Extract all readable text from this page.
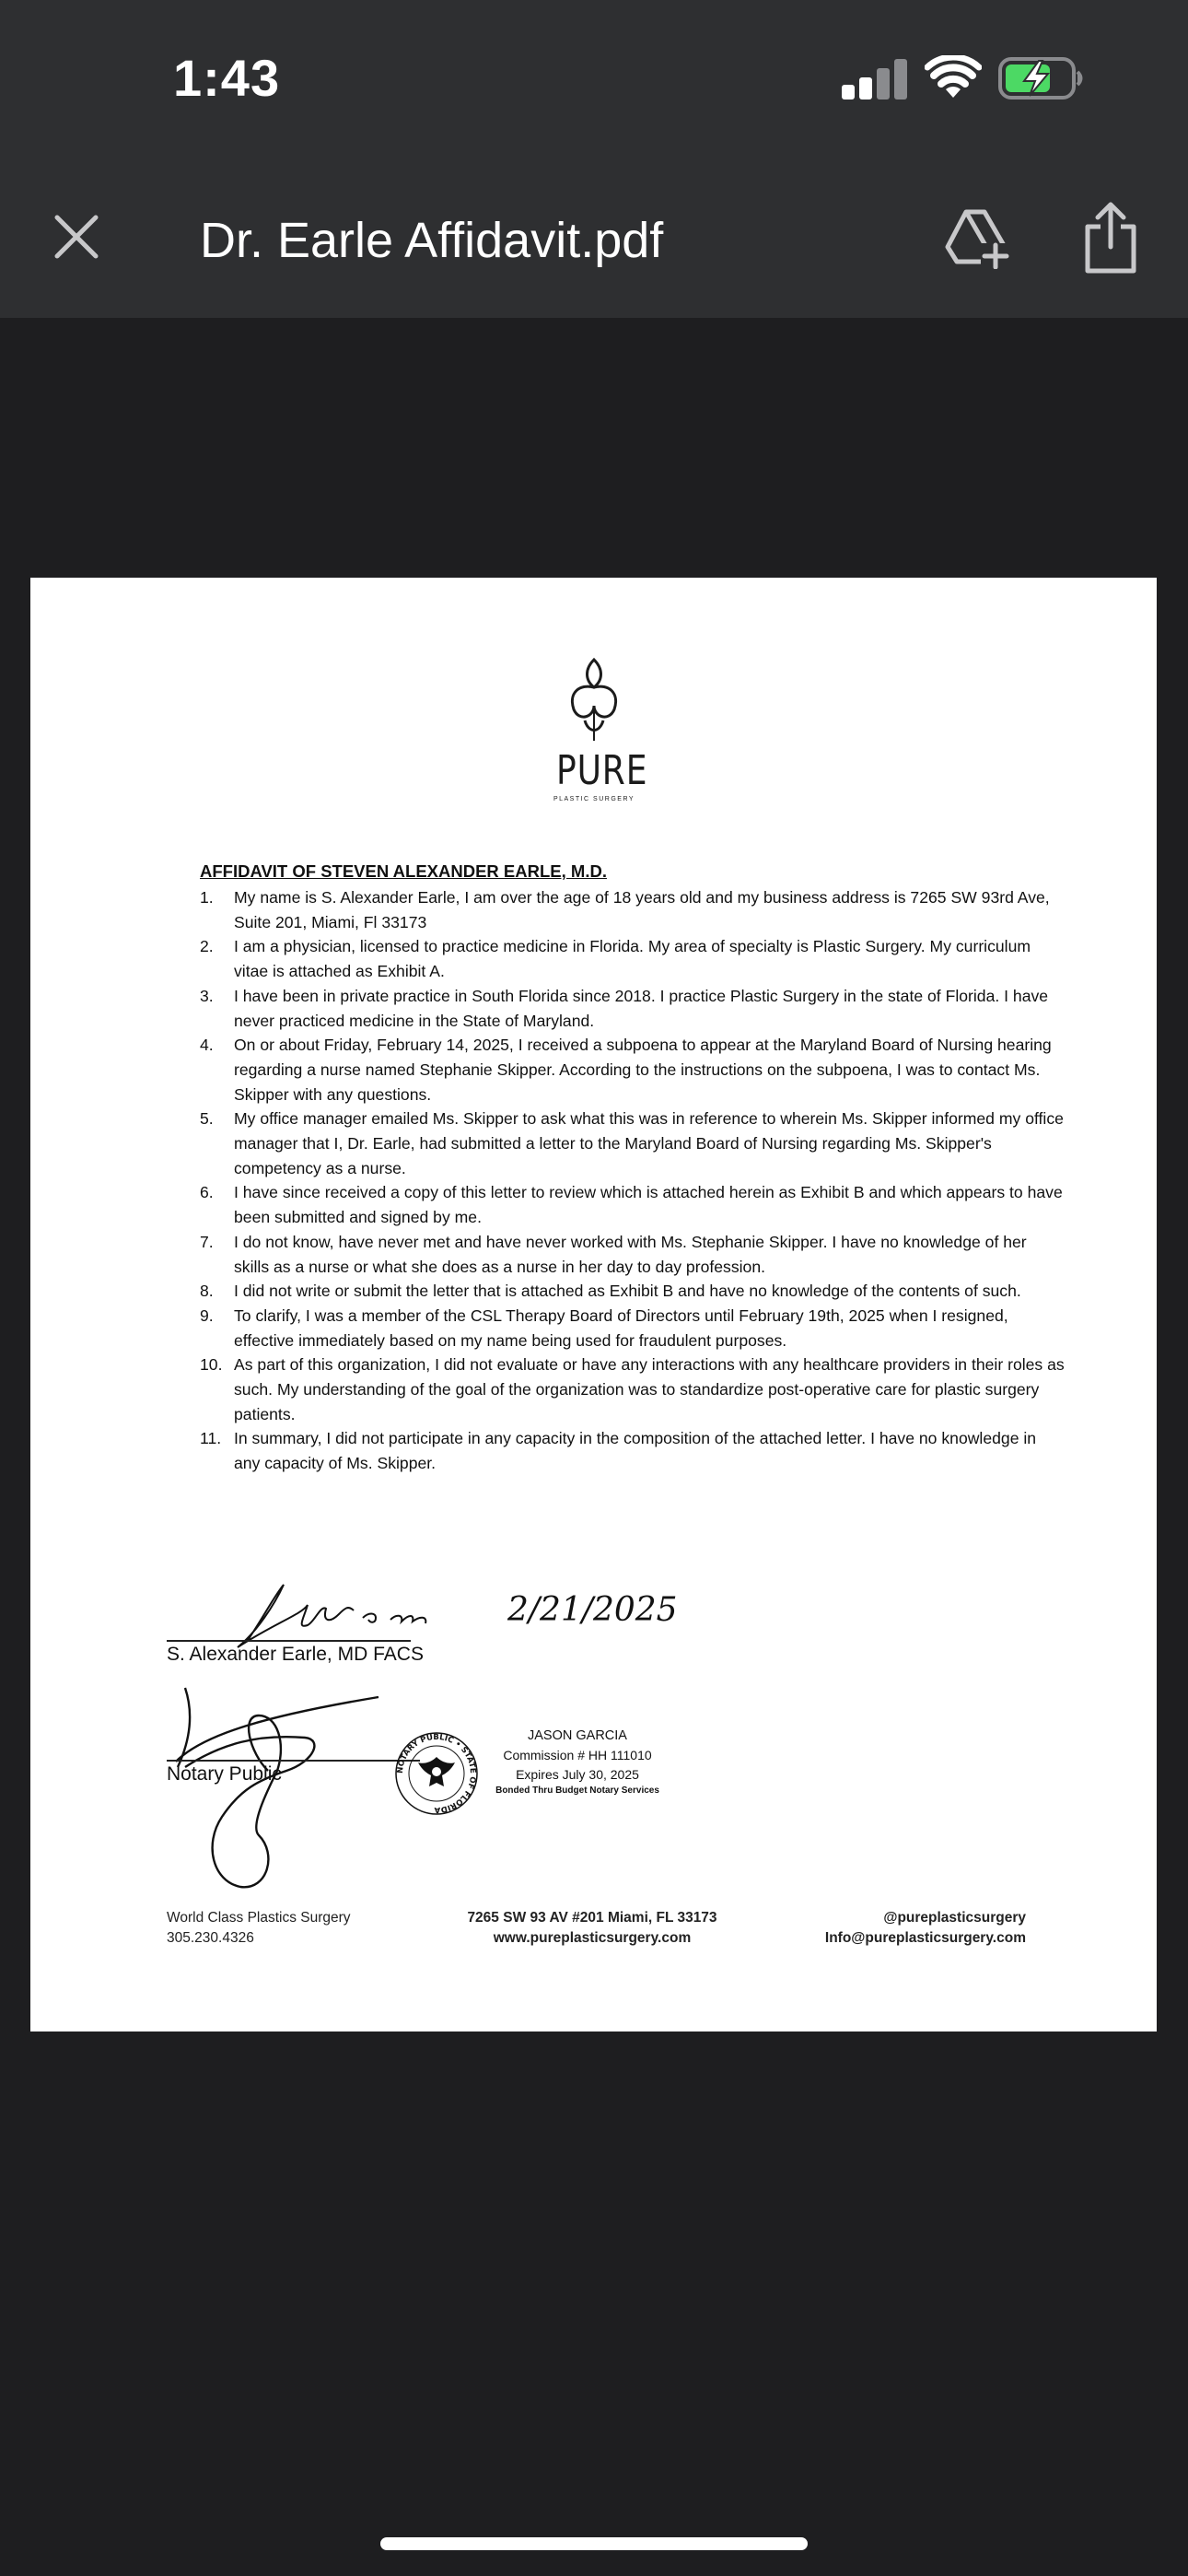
1:43
Dr. Earle Affidavit.pdf
PURE
PLASTIC SURGERY
AFFIDAVIT OF STEVEN ALEXANDER EARLE, M.D.
1. My name is S. Alexander Earle, I am over the age of 18 years old and my business address is 7265 SW 93rd Ave, Suite 201, Miami, Fl 33173
2. I am a physician, licensed to practice medicine in Florida. My area of specialty is Plastic Surgery. My curriculum vitae is attached as Exhibit A.
3. I have been in private practice in South Florida since 2018. I practice Plastic Surgery in the state of Florida. I have never practiced medicine in the State of Maryland.
4. On or about Friday, February 14, 2025, I received a subpoena to appear at the Maryland Board of Nursing hearing regarding a nurse named Stephanie Skipper. According to the instructions on the subpoena, I was to contact Ms. Skipper with any questions.
5. My office manager emailed Ms. Skipper to ask what this was in reference to wherein Ms. Skipper informed my office manager that I, Dr. Earle, had submitted a letter to the Maryland Board of Nursing regarding Ms. Skipper's competency as a nurse.
6. I have since received a copy of this letter to review which is attached herein as Exhibit B and which appears to have been submitted and signed by me.
7. I do not know, have never met and have never worked with Ms. Stephanie Skipper. I have no knowledge of her skills as a nurse or what she does as a nurse in her day to day profession.
8. I did not write or submit the letter that is attached as Exhibit B and have no knowledge of the contents of such.
9. To clarify, I was a member of the CSL Therapy Board of Directors until February 19th, 2025 when I resigned, effective immediately based on my name being used for fraudulent purposes.
10. As part of this organization, I did not evaluate or have any interactions with any healthcare providers in their roles as such. My understanding of the goal of the organization was to standardize post-operative care for plastic surgery patients.
11. In summary, I did not participate in any capacity in the composition of the attached letter. I have no knowledge in any capacity of Ms. Skipper.
2/21/2025
S. Alexander Earle, MD FACS
Notary Public	NOTARY PUBLIC • STATE OF FLORIDA
JASON GARCIA
Commission # HH 111010
Expires July 30, 2025
Bonded Thru Budget Notary Services
World Class Plastics Surgery
305.230.4326
7265 SW 93 AV #201 Miami, FL 33173
www.pureplasticsurgery.com
@pureplasticsurgery
Info@pureplasticsurgery.com
